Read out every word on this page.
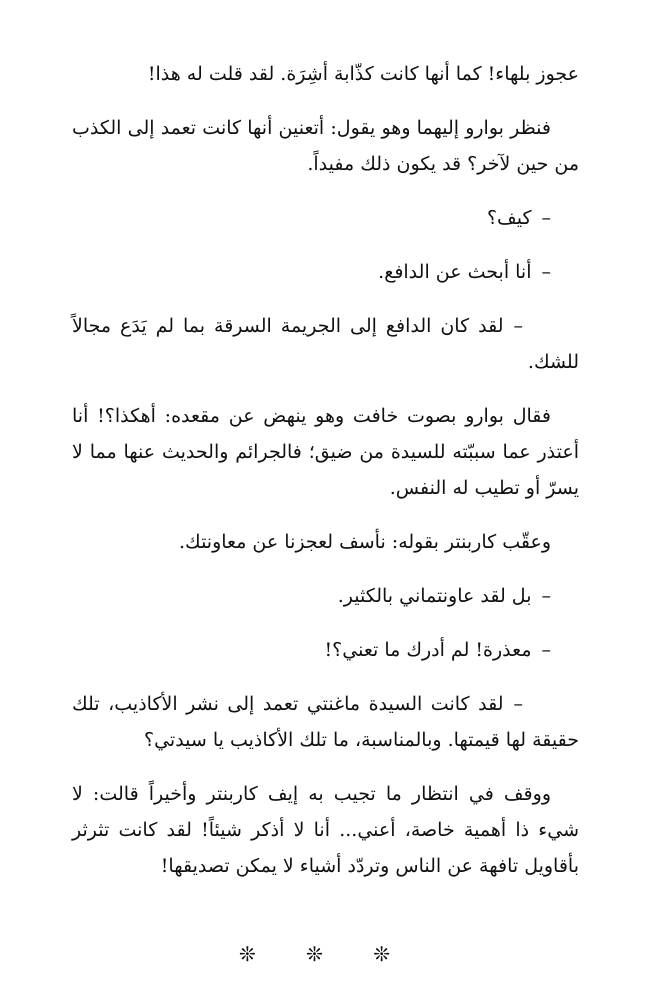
عجوز بلهاء! كما أنها كانت كذّابة أشِرَة. لقد قلت له هذا!

فنظر بوارو إليهما وهو يقول: أتعنين أنها كانت تعمد إلى الكذب من حين لآخر؟ قد يكون ذلك مفيداً.

–كيف؟

–أنا أبحث عن الدافع.

–لقد كان الدافع إلى الجريمة السرقة بما لم يَدَع مجالاً للشك.

فقال بوارو بصوت خافت وهو ينهض عن مقعده: أهكذا؟! أنا أعتذر عما سببّته للسيدة من ضيق؛ فالجرائم والحديث عنها مما لا يسرّ أو تطيب له النفس.

وعقّب كاربنتر بقوله: نأسف لعجزنا عن معاونتك.

–بل لقد عاونتماني بالكثير.

–معذرة! لم أدرك ما تعني؟!

–لقد كانت السيدة ماغنتي تعمد إلى نشر الأكاذيب، تلك حقيقة لها قيمتها. وبالمناسبة، ما تلك الأكاذيب يا سيدتي؟

ووقف في انتظار ما تجيب به إيف كاربنتر وأخيراً قالت: لا شيء ذا أهمية خاصة، أعني... أنا لا أذكر شيئاً! لقد كانت تثرثر بأقاويل تافهة عن الناس وتردّد أشياء لا يمكن تصديقها!

❊ ❊ ❊
